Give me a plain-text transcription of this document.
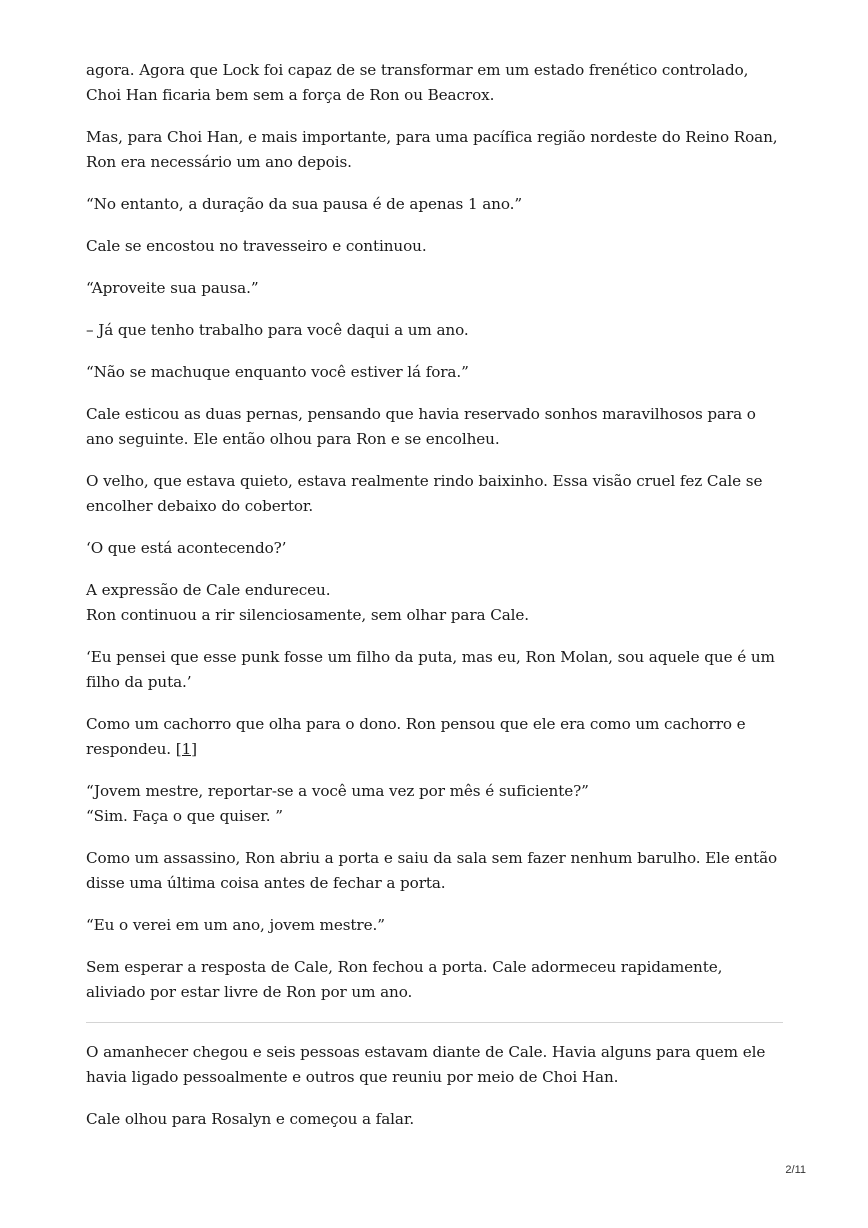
agora. Agora que Lock foi capaz de se transformar em um estado frenético controlado, Choi Han ficaria bem sem a força de Ron ou Beacrox.

Mas, para Choi Han, e mais importante, para uma pacífica região nordeste do Reino Roan, Ron era necessário um ano depois.

“No entanto, a duração da sua pausa é de apenas 1 ano.”

Cale se encostou no travesseiro e continuou.

“Aproveite sua pausa.”

– Já que tenho trabalho para você daqui a um ano.

“Não se machuque enquanto você estiver lá fora.”

Cale esticou as duas pernas, pensando que havia reservado sonhos maravilhosos para o ano seguinte. Ele então olhou para Ron e se encolheu.

O velho, que estava quieto, estava realmente rindo baixinho. Essa visão cruel fez Cale se encolher debaixo do cobertor.

‘O que está acontecendo?’

A expressão de Cale endureceu.
Ron continuou a rir silenciosamente, sem olhar para Cale.

‘Eu pensei que esse punk fosse um filho da puta, mas eu, Ron Molan, sou aquele que é um filho da puta.’

Como um cachorro que olha para o dono. Ron pensou que ele era como um cachorro e respondeu. [1]

“Jovem mestre, reportar-se a você uma vez por mês é suficiente?”
“Sim. Faça o que quiser. ”

Como um assassino, Ron abriu a porta e saiu da sala sem fazer nenhum barulho. Ele então disse uma última coisa antes de fechar a porta.

“Eu o verei em um ano, jovem mestre.”

Sem esperar a resposta de Cale, Ron fechou a porta. Cale adormeceu rapidamente, aliviado por estar livre de Ron por um ano.

O amanhecer chegou e seis pessoas estavam diante de Cale. Havia alguns para quem ele havia ligado pessoalmente e outros que reuniu por meio de Choi Han.

Cale olhou para Rosalyn e começou a falar.

2/11
